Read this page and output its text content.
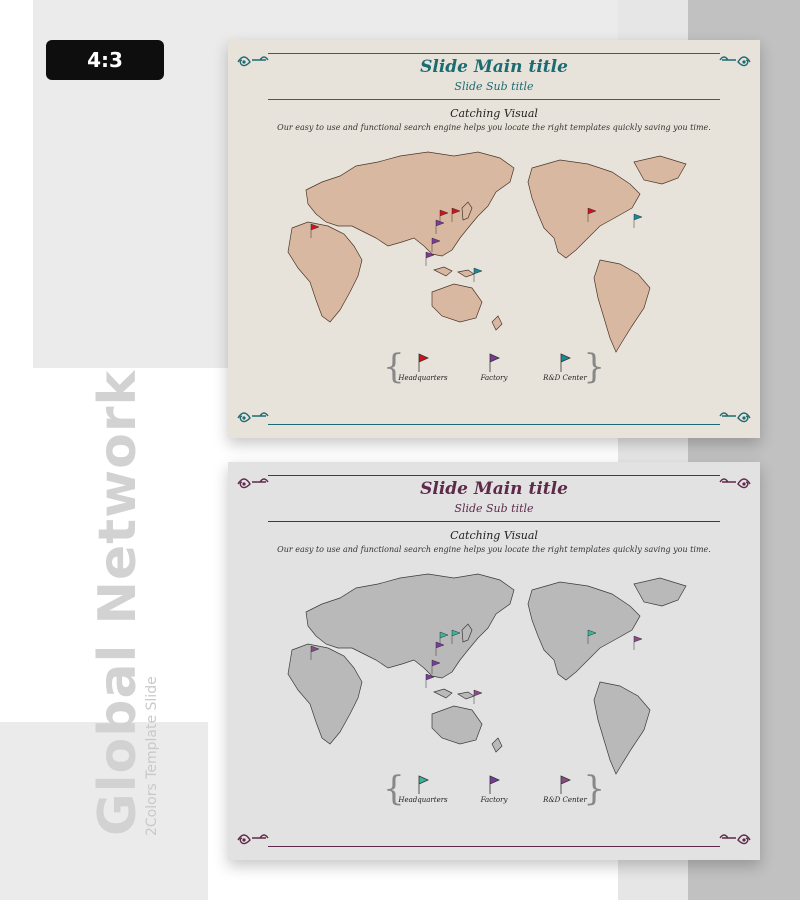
4:3
Global Network
2Colors Template Slide
Slide Main title
Slide Sub title
Catching Visual
Our easy to use and functional search engine helps you locate the right templates quickly saving you time.
{	}
Headquarters	Factory	R&D Center
Slide Main title
Slide Sub title
Catching Visual
Our easy to use and functional search engine helps you locate the right templates quickly saving you time.
{	}
Headquarters	Factory	R&D Center
